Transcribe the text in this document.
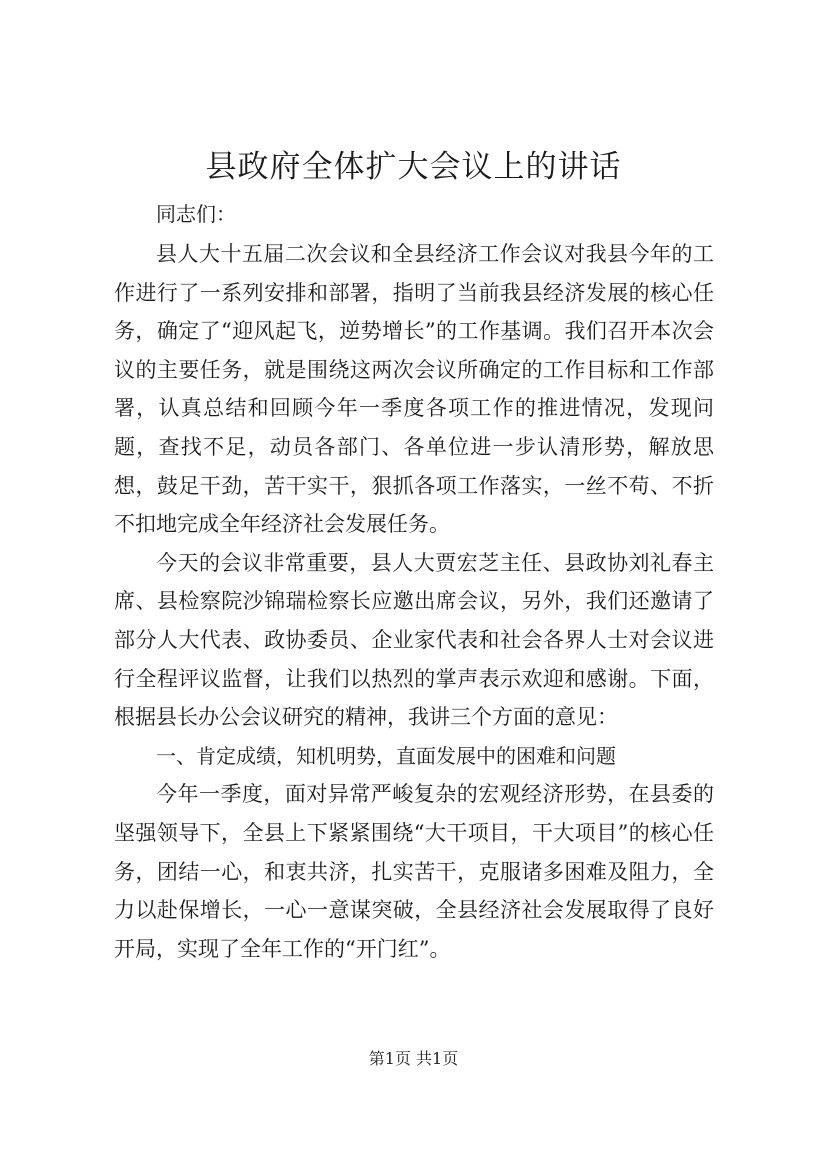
县政府全体扩大会议上的讲话

同志们：

县人大十五届二次会议和全县经济工作会议对我县今年的工作进行了一系列安排和部署，指明了当前我县经济发展的核心任务，确定了“迎风起飞，逆势增长”的工作基调。我们召开本次会议的主要任务，就是围绕这两次会议所确定的工作目标和工作部署，认真总结和回顾今年一季度各项工作的推进情况，发现问题，查找不足，动员各部门、各单位进一步认清形势，解放思想，鼓足干劲，苦干实干，狠抓各项工作落实，一丝不苟、不折不扣地完成全年经济社会发展任务。

今天的会议非常重要，县人大贾宏芝主任、县政协刘礼春主席、县检察院沙锦瑞检察长应邀出席会议，另外，我们还邀请了部分人大代表、政协委员、企业家代表和社会各界人士对会议进行全程评议监督，让我们以热烈的掌声表示欢迎和感谢。下面，根据县长办公会议研究的精神，我讲三个方面的意见：

一、肯定成绩，知机明势，直面发展中的困难和问题

今年一季度，面对异常严峻复杂的宏观经济形势，在县委的坚强领导下，全县上下紧紧围绕“大干项目，干大项目”的核心任务，团结一心，和衷共济，扎实苦干，克服诸多困难及阻力，全力以赴保增长，一心一意谋突破，全县经济社会发展取得了良好开局，实现了全年工作的“开门红”。

第1页 共1页
